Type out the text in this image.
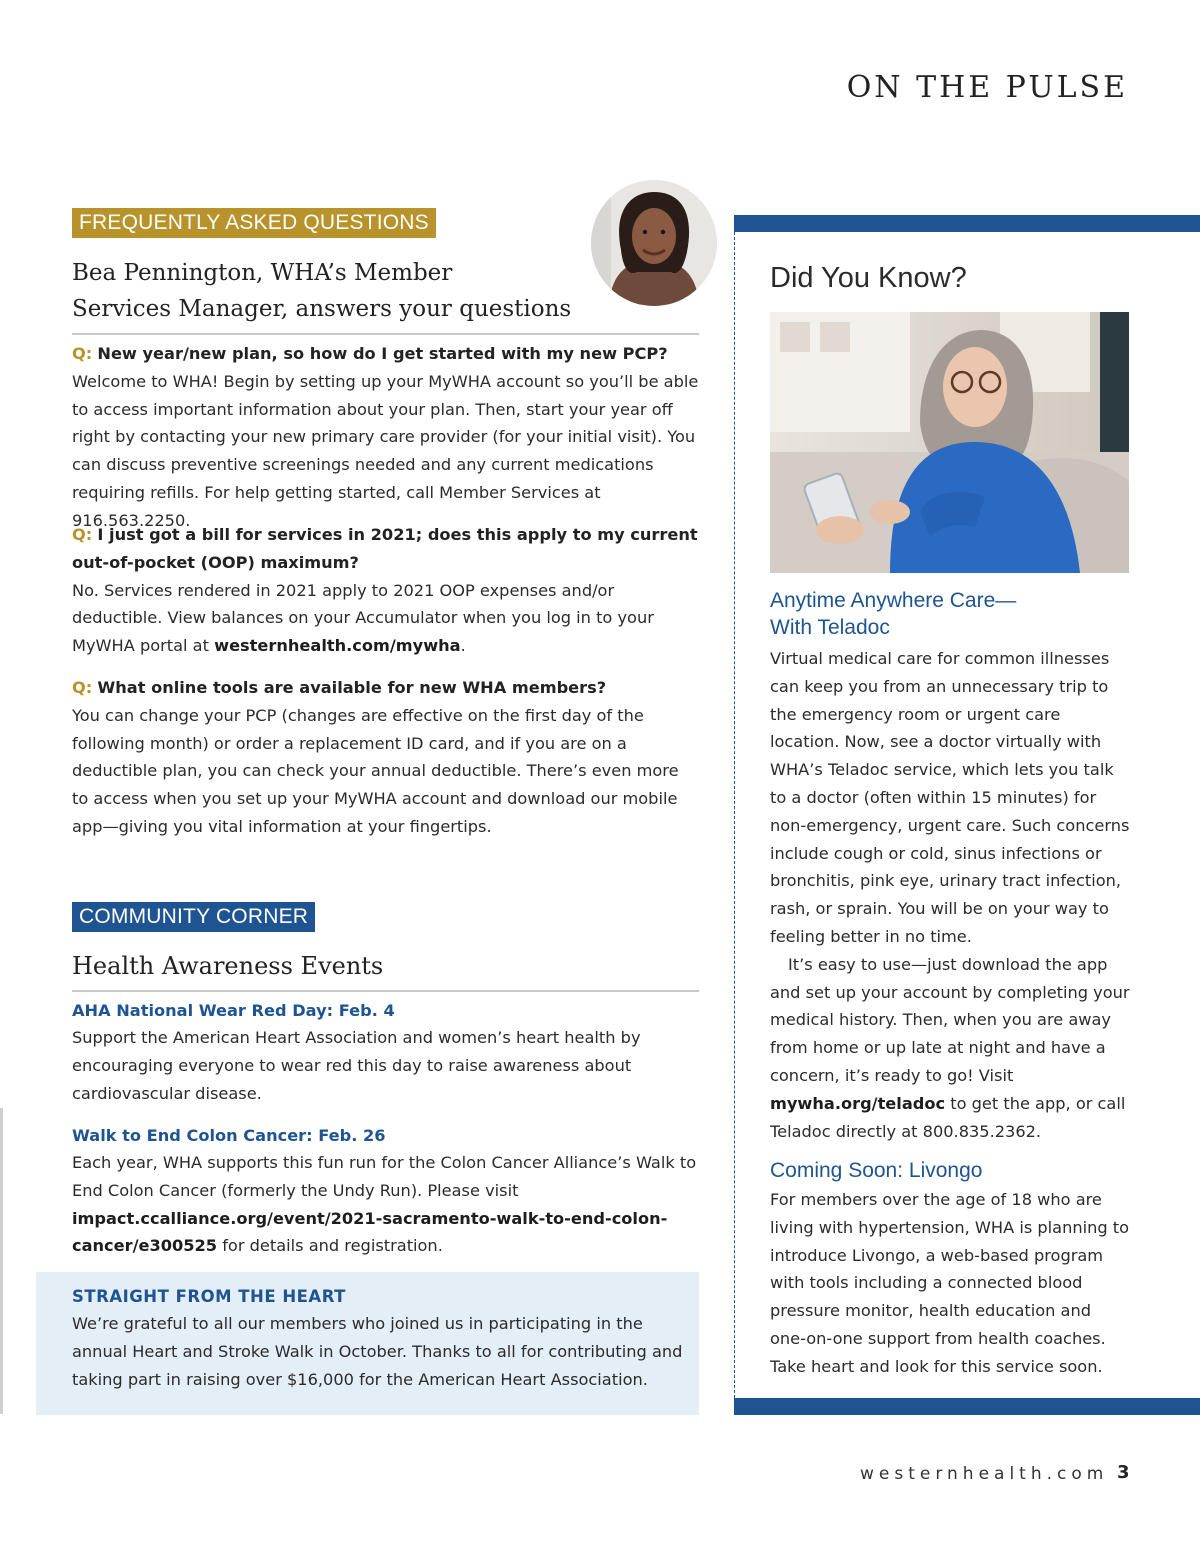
ON THE PULSE
FREQUENTLY ASKED QUESTIONS
Bea Pennington, WHA’s Member
Services Manager, answers your questions
Q: New year/new plan, so how do I get started with my new PCP?
Welcome to WHA! Begin by setting up your MyWHA account so you’ll be able to access important information about your plan. Then, start your year off right by contacting your new primary care provider (for your initial visit). You can discuss preventive screenings needed and any current medications requiring refills. For help getting started, call Member Services at 916.563.2250.
Q: I just got a bill for services in 2021; does this apply to my current out-of-pocket (OOP) maximum?
No. Services rendered in 2021 apply to 2021 OOP expenses and/or deductible. View balances on your Accumulator when you log in to your MyWHA portal at westernhealth.com/mywha.
Q: What online tools are available for new WHA members?
You can change your PCP (changes are effective on the first day of the following month) or order a replacement ID card, and if you are on a deductible plan, you can check your annual deductible. There’s even more to access when you set up your MyWHA account and download our mobile app—giving you vital information at your fingertips.
COMMUNITY CORNER
Health Awareness Events
AHA National Wear Red Day: Feb. 4
Support the American Heart Association and women’s heart health by encouraging everyone to wear red this day to raise awareness about cardiovascular disease.
Walk to End Colon Cancer: Feb. 26
Each year, WHA supports this fun run for the Colon Cancer Alliance’s Walk to End Colon Cancer (formerly the Undy Run). Please visit impact.ccalliance.org/event/2021-sacramento-walk-to-end-colon-cancer/e300525 for details and registration.
STRAIGHT FROM THE HEART
We’re grateful to all our members who joined us in participating in the annual Heart and Stroke Walk in October. Thanks to all for contributing and taking part in raising over $16,000 for the American Heart Association.
Did You Know?
Anytime Anywhere Care—
With Teladoc
Virtual medical care for common illnesses can keep you from an unnecessary trip to the emergency room or urgent care location. Now, see a doctor virtually with WHA’s Teladoc service, which lets you talk to a doctor (often within 15 minutes) for non-emergency, urgent care. Such concerns include cough or cold, sinus infections or bronchitis, pink eye, urinary tract infection, rash, or sprain. You will be on your way to feeling better in no time.
It’s easy to use—just download the app and set up your account by completing your medical history. Then, when you are away from home or up late at night and have a concern, it’s ready to go! Visit mywha.org/teladoc to get the app, or call Teladoc directly at 800.835.2362.
Coming Soon: Livongo
For members over the age of 18 who are living with hypertension, WHA is planning to introduce Livongo, a web-based program with tools including a connected blood pressure monitor, health education and one-on-one support from health coaches. Take heart and look for this service soon.
westernhealth.com 3
